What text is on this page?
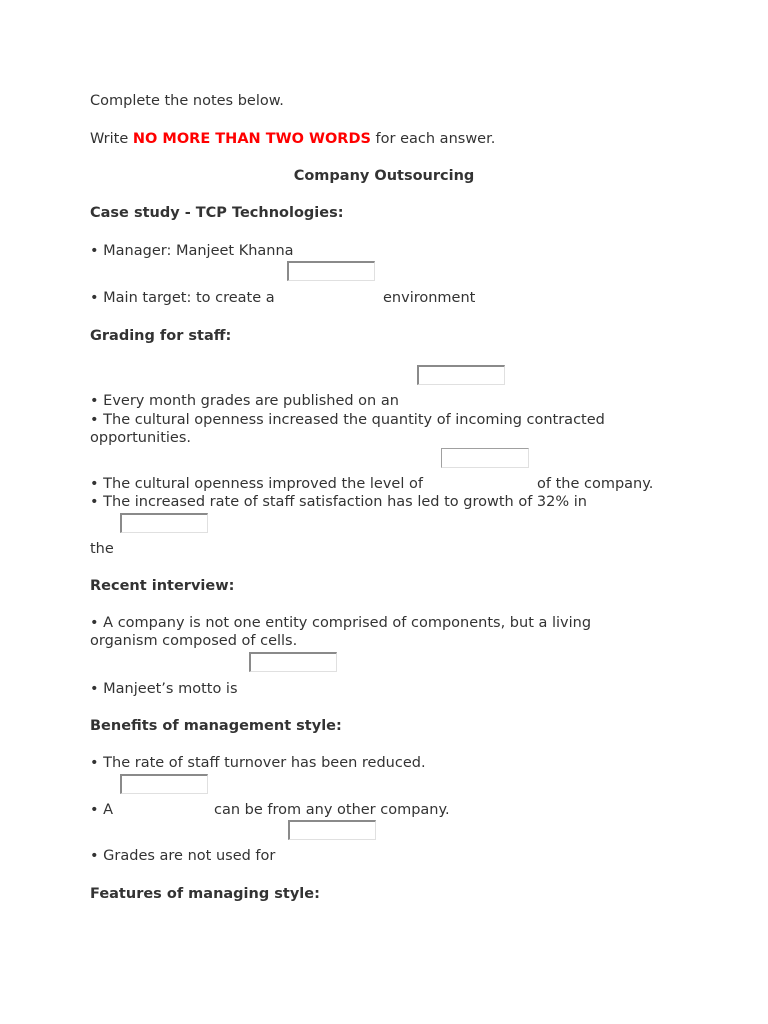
Complete the notes below.
Write NO MORE THAN TWO WORDS for each answer.
Company Outsourcing
Case study - TCP Technologies:
• Manager: Manjeet Khanna
• Main target: to create a	environment
Grading for staff:
• Every month grades are published on an
• The cultural openness increased the quantity of incoming contracted opportunities.
• The cultural openness improved the level of	of the company.
• The increased rate of staff satisfaction has led to growth of 32% in
the
Recent interview:
• A company is not one entity comprised of components, but a living organism composed of cells.
• Manjeet’s motto is
Benefits of management style:
• The rate of staff turnover has been reduced.
• A	can be from any other company.
• Grades are not used for
Features of managing style:
